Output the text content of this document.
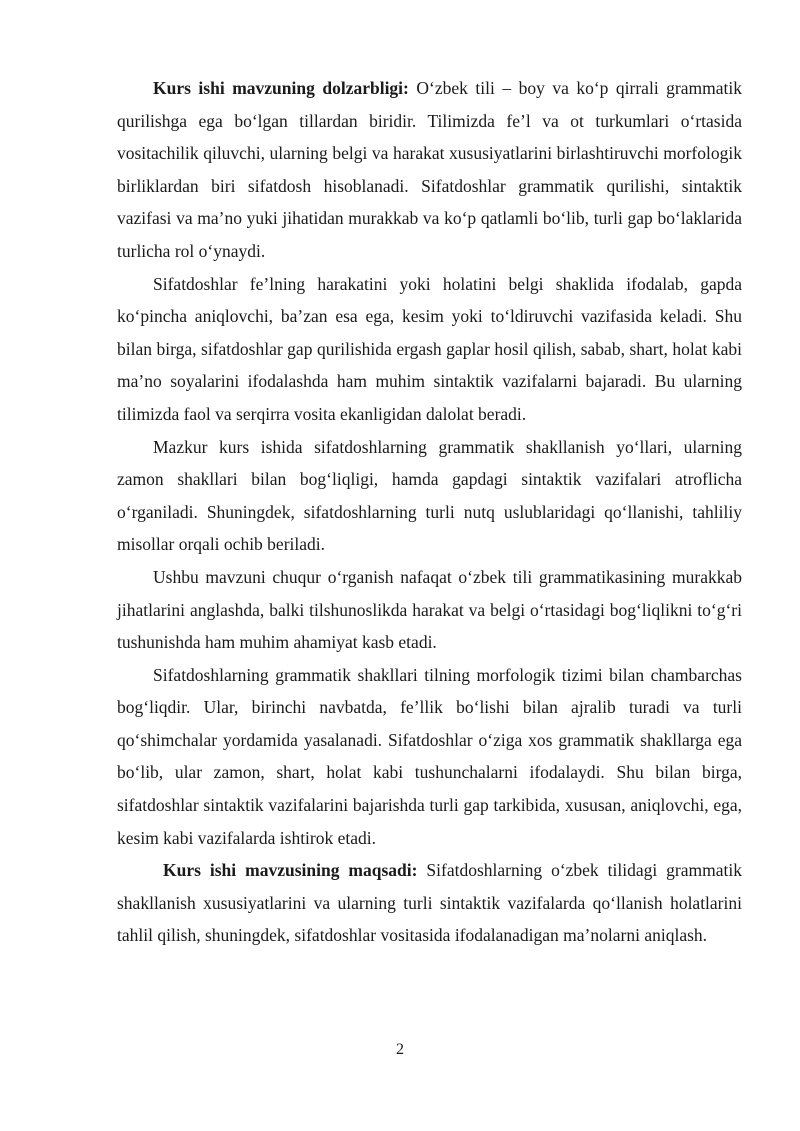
Kurs ishi mavzuning dolzarbligi: Oʻzbek tili – boy va koʻp qirrali grammatik qurilishga ega boʻlgan tillardan biridir. Tilimizda feʼl va ot turkumlari oʻrtasida vositachilik qiluvchi, ularning belgi va harakat xususiyatlarini birlashtiruvchi morfologik birliklardan biri sifatdosh hisoblanadi. Sifatdoshlar grammatik qurilishi, sintaktik vazifasi va maʼno yuki jihatidan murakkab va koʻp qatlamli boʻlib, turli gap boʻlaklarida turlicha rol oʻynaydi.

Sifatdoshlar feʼlning harakatini yoki holatini belgi shaklida ifodalab, gapda koʻpincha aniqlovchi, baʼzan esa ega, kesim yoki toʻldiruvchi vazifasida keladi. Shu bilan birga, sifatdoshlar gap qurilishida ergash gaplar hosil qilish, sabab, shart, holat kabi maʼno soyalarini ifodalashda ham muhim sintaktik vazifalarni bajaradi. Bu ularning tilimizda faol va serqirra vosita ekanligidan dalolat beradi.

Mazkur kurs ishida sifatdoshlarning grammatik shakllanish yoʻllari, ularning zamon shakllari bilan bogʻliqligi, hamda gapdagi sintaktik vazifalari atroflicha oʻrganiladi. Shuningdek, sifatdoshlarning turli nutq uslublaridagi qoʻllanishi, tahliliy misollar orqali ochib beriladi.

Ushbu mavzuni chuqur oʻrganish nafaqat oʻzbek tili grammatikasining murakkab jihatlarini anglashda, balki tilshunoslikda harakat va belgi oʻrtasidagi bogʻliqlikni toʻgʻri tushunishda ham muhim ahamiyat kasb etadi.

Sifatdoshlarning grammatik shakllari tilning morfologik tizimi bilan chambarchas bogʻliqdir. Ular, birinchi navbatda, feʼllik boʻlishi bilan ajralib turadi va turli qoʻshimchalar yordamida yasalanadi. Sifatdoshlar oʻziga xos grammatik shakllarga ega boʻlib, ular zamon, shart, holat kabi tushunchalarni ifodalaydi. Shu bilan birga, sifatdoshlar sintaktik vazifalarini bajarishda turli gap tarkibida, xususan, aniqlovchi, ega, kesim kabi vazifalarda ishtirok etadi.

Kurs ishi mavzusining maqsadi: Sifatdoshlarning oʻzbek tilidagi grammatik shakllanish xususiyatlarini va ularning turli sintaktik vazifalarda qoʻllanish holatlarini tahlil qilish, shuningdek, sifatdoshlar vositasida ifodalanadigan maʼnolarni aniqlash.

2
